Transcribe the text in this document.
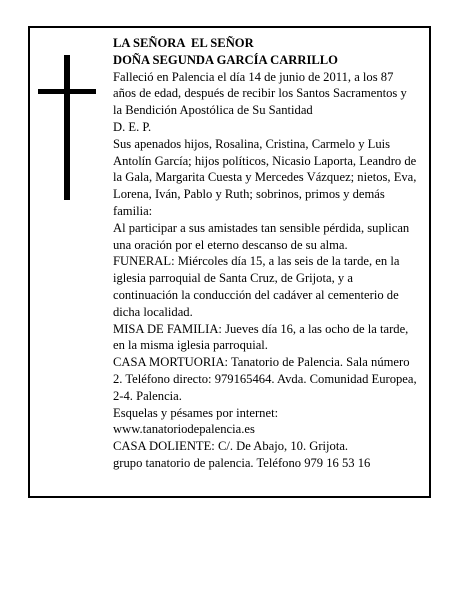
LA SEÑORA  EL SEÑOR

DOÑA SEGUNDA GARCÍA CARRILLO

Falleció en Palencia el día 14 de junio de 2011, a los 87 años de edad, después de recibir los Santos Sacramentos y la Bendición Apostólica de Su Santidad

D. E. P.

Sus apenados hijos, Rosalina, Cristina, Carmelo y Luis Antolín García; hijos políticos, Nicasio Laporta, Leandro de la Gala, Margarita Cuesta y Mercedes Vázquez; nietos, Eva, Lorena, Iván, Pablo y Ruth; sobrinos, primos y demás familia:

Al participar a sus amistades tan sensible pérdida, suplican una oración por el eterno descanso de su alma.

FUNERAL: Miércoles día 15, a las seis de la tarde, en la iglesia parroquial de Santa Cruz, de Grijota, y a continuación la conducción del cadáver al cementerio de dicha localidad.

MISA DE FAMILIA: Jueves día 16, a las ocho de la tarde, en la misma iglesia parroquial.

CASA MORTUORIA: Tanatorio de Palencia. Sala número 2. Teléfono directo: 979165464. Avda. Comunidad Europea, 2-4. Palencia.

Esquelas y pésames por internet:

www.tanatoriodepalencia.es

CASA DOLIENTE: C/. De Abajo, 10. Grijota.

grupo tanatorio de palencia. Teléfono 979 16 53 16
